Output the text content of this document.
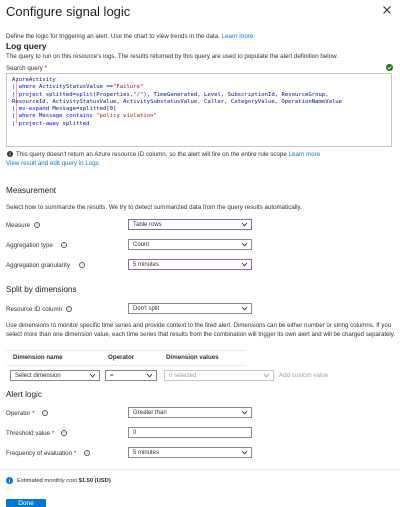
Configure signal logic
Define the logic for triggering an alert. Use the chart to view trends in the data. Learn more
Log query
The query to run on this resource's logs. The results returned by this query are used to populate the alert definition below.
Search query *
AzureActivity
| where ActivityStatusValue =="Failure"
| project splitted=split(Properties,"/"), TimeGenerated, Level, SubscriptionId, ResourceGroup,
ResourceId, ActivityStatusValue, ActivitySubstatusValue, Caller, CategoryValue, OperationNameValue
| mv-expand Message=splitted[0]
| where Message contains "policy violation"
| project-away splitted
This query doesn't return an Azure resource ID column, so the alert will fire on the entire rule scope Learn more
View result and edit query in Logs
Measurement
Select how to summarize the results. We try to detect summarized data from the query results automatically.
Measure	i	Table rows
Aggregation type	i	Count
Aggregation granularity	i	5 minutes
Split by dimensions
Resource ID column	i	Don't split
Use dimensions to monitor specific time series and provide context to the fired alert. Dimensions can be either number or string columns. If you select more than one dimension value, each time series that results from the combination will trigger its own alert and will be charged separately.
Dimension name	Operator	Dimension values
Select dimension	=	0 selected	Add custom value
Alert logic
Operator *	i	Greater than
Threshold value *	i	0
Frequency of evaluation *	i	5 minutes
Estimated monthly cost $1.50 (USD)
Done
